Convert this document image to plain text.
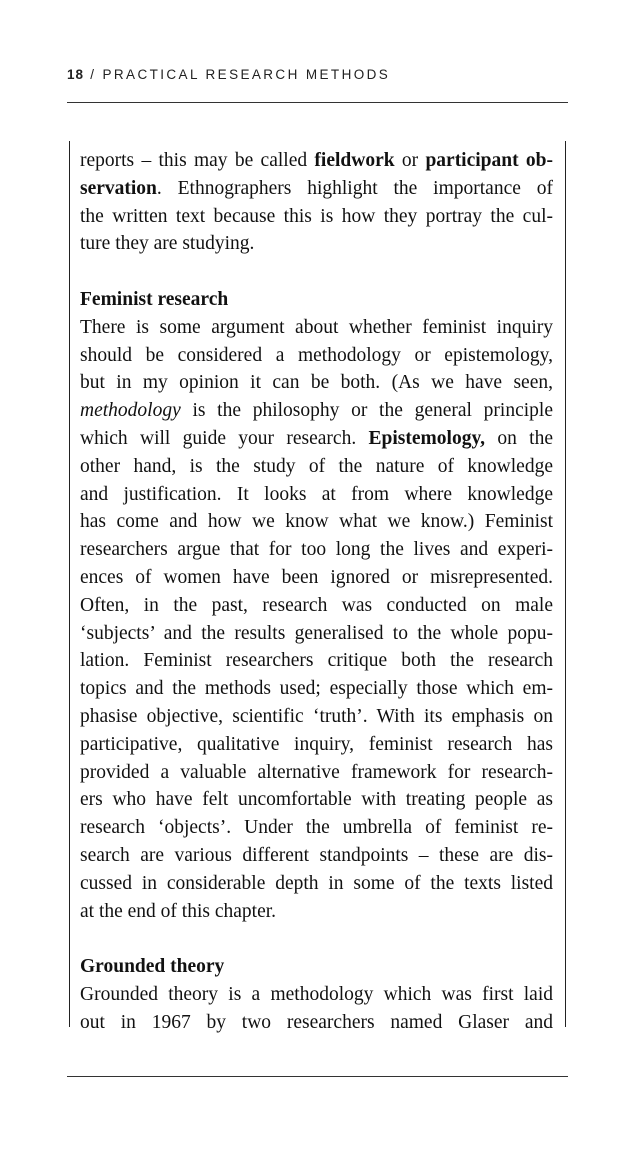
18 / PRACTICAL RESEARCH METHODS

reports – this may be called fieldwork or participant ob-

servation. Ethnographers highlight the importance of

the written text because this is how they portray the cul-

ture they are studying.

Feminist research

There is some argument about whether feminist inquiry

should be considered a methodology or epistemology,

but in my opinion it can be both. (As we have seen,

methodology is the philosophy or the general principle

which will guide your research. Epistemology, on the

other hand, is the study of the nature of knowledge

and justification. It looks at from where knowledge

has come and how we know what we know.) Feminist

researchers argue that for too long the lives and experi-

ences of women have been ignored or misrepresented.

Often, in the past, research was conducted on male

‘subjects’ and the results generalised to the whole popu-

lation. Feminist researchers critique both the research

topics and the methods used; especially those which em-

phasise objective, scientific ‘truth’. With its emphasis on

participative, qualitative inquiry, feminist research has

provided a valuable alternative framework for research-

ers who have felt uncomfortable with treating people as

research ‘objects’. Under the umbrella of feminist re-

search are various different standpoints – these are dis-

cussed in considerable depth in some of the texts listed

at the end of this chapter.

Grounded theory

Grounded theory is a methodology which was first laid

out in 1967 by two researchers named Glaser and
